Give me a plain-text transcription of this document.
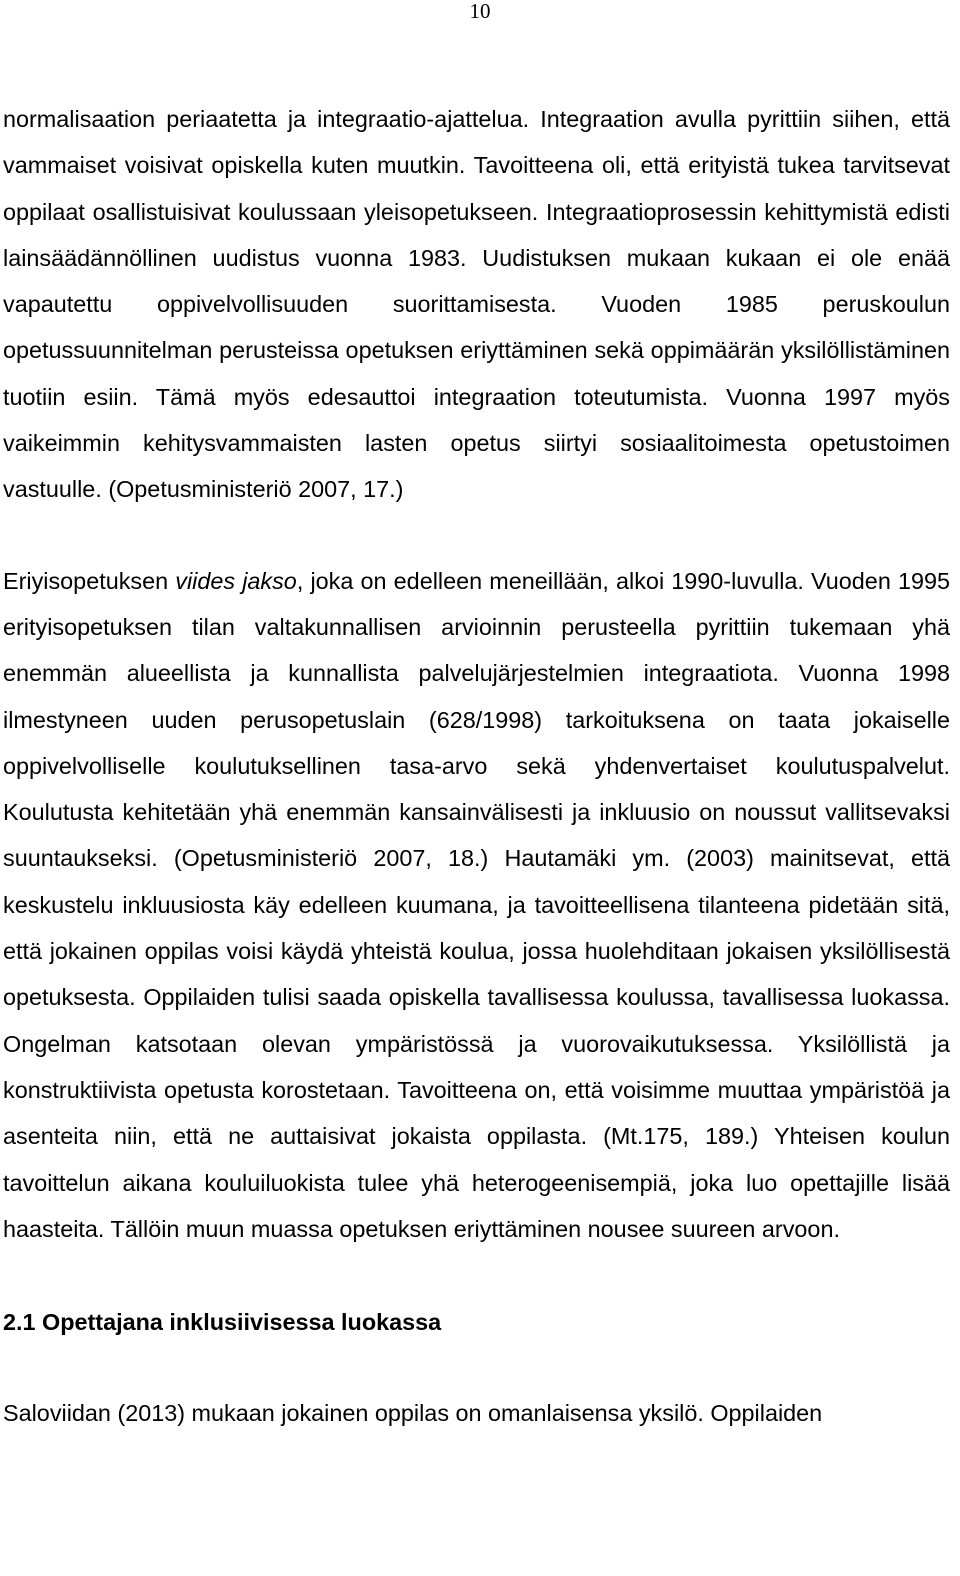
10

normalisaation periaatetta ja integraatio-ajattelua. Integraation avulla pyrittiin siihen, että vammaiset voisivat opiskella kuten muutkin. Tavoitteena oli, että erityistä tukea tarvitsevat oppilaat osallistuisivat koulussaan yleisopetukseen. Integraatioprosessin kehittymistä edisti lainsäädännöllinen uudistus vuonna 1983. Uudistuksen mukaan kukaan ei ole enää vapautettu oppivelvollisuuden suorittamisesta. Vuoden 1985 peruskoulun opetussuunnitelman perusteissa opetuksen eriyttäminen sekä oppimäärän yksilöllistäminen tuotiin esiin. Tämä myös edesauttoi integraation toteutumista. Vuonna 1997 myös vaikeimmin kehitysvammaisten lasten opetus siirtyi sosiaalitoimesta opetustoimen vastuulle. (Opetusministeriö 2007, 17.)

Eriyisopetuksen viides jakso, joka on edelleen meneillään, alkoi 1990-luvulla. Vuoden 1995 erityisopetuksen tilan valtakunnallisen arvioinnin perusteella pyrittiin tukemaan yhä enemmän alueellista ja kunnallista palvelujärjestelmien integraatiota. Vuonna 1998 ilmestyneen uuden perusopetuslain (628/1998) tarkoituksena on taata jokaiselle oppivelvolliselle koulutuksellinen tasa-arvo sekä yhdenvertaiset koulutuspalvelut. Koulutusta kehitetään yhä enemmän kansainvälisesti ja inkluusio on noussut vallitsevaksi suuntaukseksi. (Opetusministeriö 2007, 18.) Hautamäki ym. (2003) mainitsevat, että keskustelu inkluusiosta käy edelleen kuumana, ja tavoitteellisena tilanteena pidetään sitä, että jokainen oppilas voisi käydä yhteistä koulua, jossa huolehditaan jokaisen yksilöllisestä opetuksesta. Oppilaiden tulisi saada opiskella tavallisessa koulussa, tavallisessa luokassa. Ongelman katsotaan olevan ympäristössä ja vuorovaikutuksessa. Yksilöllistä ja konstruktiivista opetusta korostetaan. Tavoitteena on, että voisimme muuttaa ympäristöä ja asenteita niin, että ne auttaisivat jokaista oppilasta. (Mt.175, 189.) Yhteisen koulun tavoittelun aikana kouluiluokista tulee yhä heterogeenisempiä, joka luo opettajille lisää haasteita. Tällöin muun muassa opetuksen eriyttäminen nousee suureen arvoon.

2.1 Opettajana inklusiivisessa luokassa

Saloviidan (2013) mukaan jokainen oppilas on omanlaisensa yksilö. Oppilaiden
